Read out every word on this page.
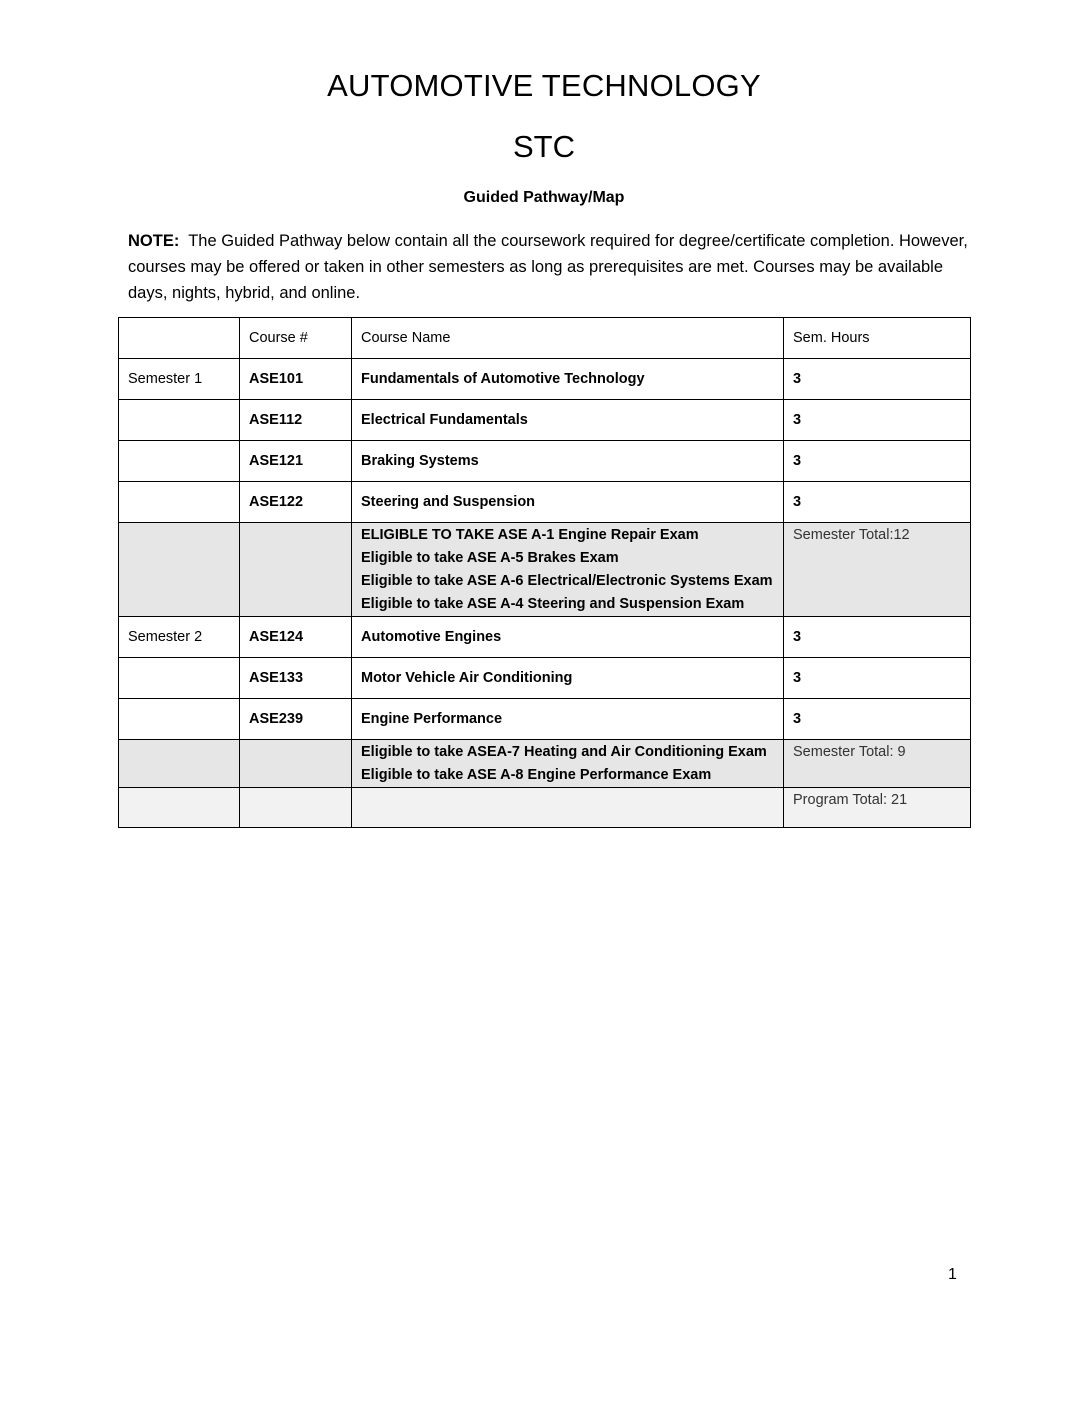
AUTOMOTIVE TECHNOLOGY
STC
Guided Pathway/Map
NOTE: The Guided Pathway below contain all the coursework required for degree/certificate completion. However, courses may be offered or taken in other semesters as long as prerequisites are met. Courses may be available days, nights, hybrid, and online.
	Course #	Course Name	Sem. Hours
Semester 1	ASE101	Fundamentals of Automotive Technology	3
	ASE112	Electrical Fundamentals	3
	ASE121	Braking Systems	3
	ASE122	Steering and Suspension	3

		ELIGIBLE TO TAKE ASE A-1 Engine Repair Exam
Eligible to take ASE A-5 Brakes Exam
Eligible to take ASE A-6 Electrical/Electronic Systems Exam
Eligible to take ASE A-4 Steering and Suspension Exam	Semester Total:12
Semester 2	ASE124	Automotive Engines	3
	ASE133	Motor Vehicle Air Conditioning	3
	ASE239	Engine Performance	3

		Eligible to take ASEA-7 Heating and Air Conditioning Exam
Eligible to take ASE A-8 Engine Performance Exam	Semester Total: 9
			Program Total: 21
1
